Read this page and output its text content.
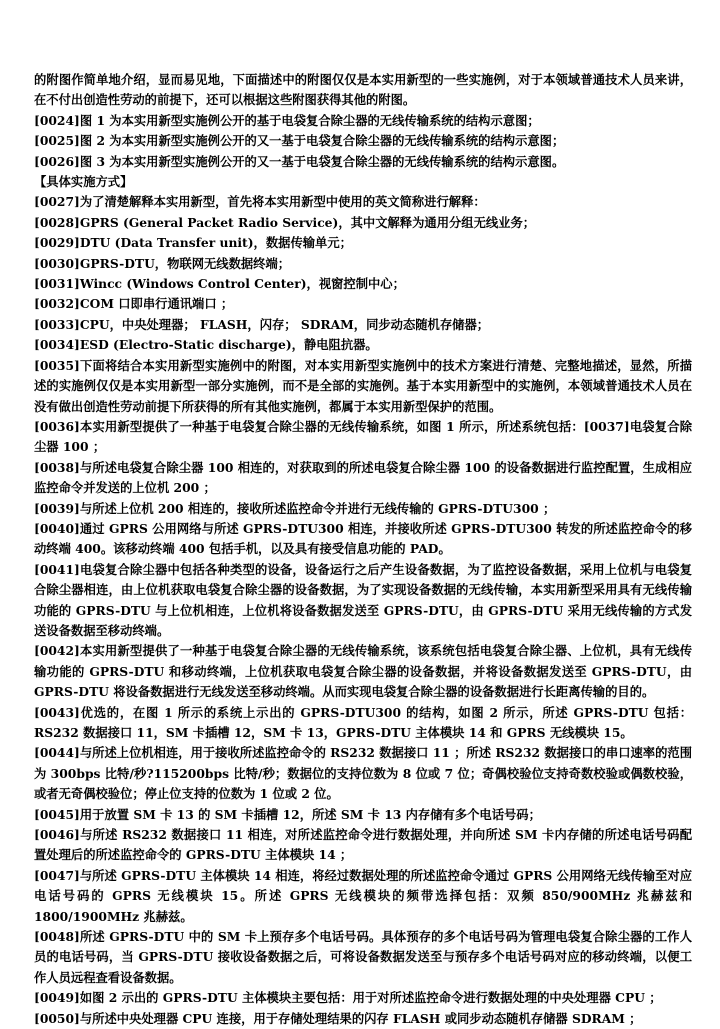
的附图作简单地介绍，显而易见地，下面描述中的附图仅仅是本实用新型的一些实施例，对于本领域普通技术人员来讲，在不付出创造性劳动的前提下，还可以根据这些附图获得其他的附图。

[0024]图 1 为本实用新型实施例公开的基于电袋复合除尘器的无线传输系统的结构示意图；

[0025]图 2 为本实用新型实施例公开的又一基于电袋复合除尘器的无线传输系统的结构示意图；

[0026]图 3 为本实用新型实施例公开的又一基于电袋复合除尘器的无线传输系统的结构示意图。

【具体实施方式】

[0027]为了清楚解释本实用新型，首先将本实用新型中使用的英文简称进行解释：

[0028]GPRS (General Packet Radio Service)，其中文解释为通用分组无线业务；

[0029]DTU (Data Transfer unit)，数据传输单元；

[0030]GPRS-DTU，物联网无线数据终端；

[0031]Wincc (Windows Control Center)，视窗控制中心；

[0032]COM 口即串行通讯端口 ；

[0033]CPU，中央处理器； FLASH，闪存； SDRAM，同步动态随机存储器；

[0034]ESD (Electro-Static discharge)，静电阻抗器。

[0035]下面将结合本实用新型实施例中的附图，对本实用新型实施例中的技术方案进行清楚、完整地描述，显然，所描述的实施例仅仅是本实用新型一部分实施例，而不是全部的实施例。基于本实用新型中的实施例，本领域普通技术人员在没有做出创造性劳动前提下所获得的所有其他实施例，都属于本实用新型保护的范围。

[0036]本实用新型提供了一种基于电袋复合除尘器的无线传输系统，如图 1 所示，所述系统包括：[0037]电袋复合除尘器 100 ；

[0038]与所述电袋复合除尘器 100 相连的，对获取到的所述电袋复合除尘器 100 的设备数据进行监控配置，生成相应监控命令并发送的上位机 200 ；

[0039]与所述上位机 200 相连的，接收所述监控命令并进行无线传输的 GPRS-DTU300 ；

[0040]通过 GPRS 公用网络与所述 GPRS-DTU300 相连，并接收所述 GPRS-DTU300 转发的所述监控命令的移动终端 400。该移动终端 400 包括手机，以及具有接受信息功能的 PAD。

[0041]电袋复合除尘器中包括各种类型的设备，设备运行之后产生设备数据，为了监控设备数据，采用上位机与电袋复合除尘器相连，由上位机获取电袋复合除尘器的设备数据，为了实现设备数据的无线传输，本实用新型采用具有无线传输功能的 GPRS-DTU 与上位机相连，上位机将设备数据发送至 GPRS-DTU，由 GPRS-DTU 采用无线传输的方式发送设备数据至移动终端。

[0042]本实用新型提供了一种基于电袋复合除尘器的无线传输系统，该系统包括电袋复合除尘器、上位机，具有无线传输功能的 GPRS-DTU 和移动终端，上位机获取电袋复合除尘器的设备数据，并将设备数据发送至 GPRS-DTU，由 GPRS-DTU 将设备数据进行无线发送至移动终端。从而实现电袋复合除尘器的设备数据进行长距离传输的目的。

[0043]优选的，在图 1 所示的系统上示出的 GPRS-DTU300 的结构，如图 2 所示，所述 GPRS-DTU 包括：RS232 数据接口 11，SM 卡插槽 12，SM 卡 13，GPRS-DTU 主体模块 14 和 GPRS 无线模块 15。

[0044]与所述上位机相连，用于接收所述监控命令的 RS232 数据接口 11 ；所述 RS232 数据接口的串口速率的范围为 300bps 比特/秒?115200bps 比特/秒；数据位的支持位数为 8 位或 7 位；奇偶校验位支持奇数校验或偶数校验，或者无奇偶校验位；停止位支持的位数为 1 位或 2 位。

[0045]用于放置 SM 卡 13 的 SM 卡插槽 12，所述 SM 卡 13 内存储有多个电话号码；

[0046]与所述 RS232 数据接口 11 相连，对所述监控命令进行数据处理，并向所述 SM 卡内存储的所述电话号码配置处理后的所述监控命令的 GPRS-DTU 主体模块 14 ；

[0047]与所述 GPRS-DTU 主体模块 14 相连，将经过数据处理的所述监控命令通过 GPRS 公用网络无线传输至对应电话号码的 GPRS 无线模块 15。所述 GPRS 无线模块的频带选择包括：双频 850/900MHz 兆赫兹和 1800/1900MHz 兆赫兹。

[0048]所述 GPRS-DTU 中的 SM 卡上预存多个电话号码。具体预存的多个电话号码为管理电袋复合除尘器的工作人员的电话号码，当 GPRS-DTU 接收设备数据之后，可将设备数据发送至与预存多个电话号码对应的移动终端，以便工作人员远程查看设备数据。

[0049]如图 2 示出的 GPRS-DTU 主体模块主要包括：用于对所述监控命令进行数据处理的中央处理器 CPU ；

[0050]与所述中央处理器 CPU 连接，用于存储处理结果的闪存 FLASH 或同步动态随机存储器 SDRAM ；
